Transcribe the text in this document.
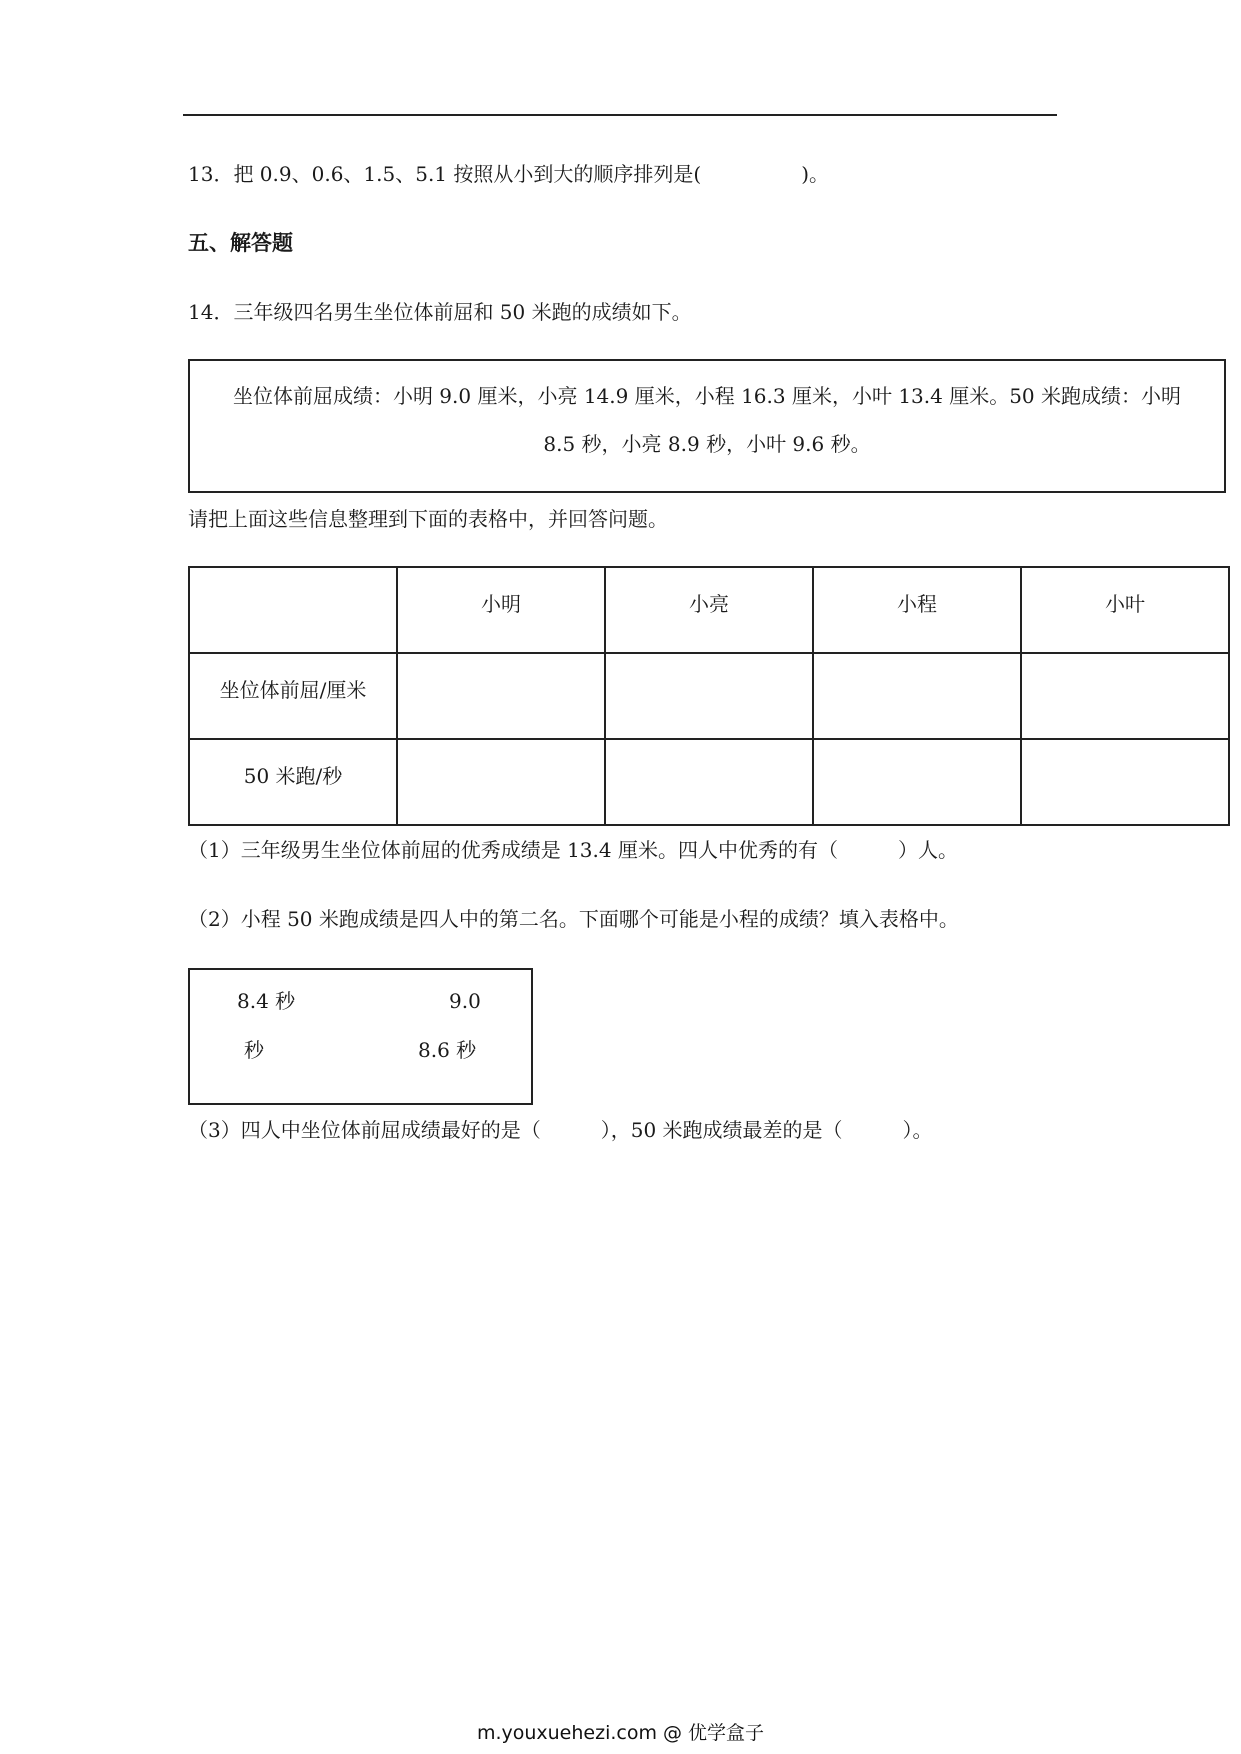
13．把 0.9、0.6、1.5、5.1 按照从小到大的顺序排列是(　　　　　)。
五、解答题
14．三年级四名男生坐位体前屈和 50 米跑的成绩如下。
坐位体前屈成绩：小明 9.0 厘米，小亮 14.9 厘米，小程 16.3 厘米，小叶 13.4 厘米。50 米跑成绩：小明
8.5 秒，小亮 8.9 秒，小叶 9.6 秒。
请把上面这些信息整理到下面的表格中，并回答问题。
	小明	小亮	小程	小叶
坐位体前屈/厘米				
50 米跑/秒				
（1）三年级男生坐位体前屈的优秀成绩是 13.4 厘米。四人中优秀的有（　　　）人。
（2）小程 50 米跑成绩是四人中的第二名。下面哪个可能是小程的成绩？填入表格中。
8.4 秒	9.0
秒	8.6 秒
（3）四人中坐位体前屈成绩最好的是（　　　），50 米跑成绩最差的是（　　　）。
m.youxuehezi.com @ 优学盒子
